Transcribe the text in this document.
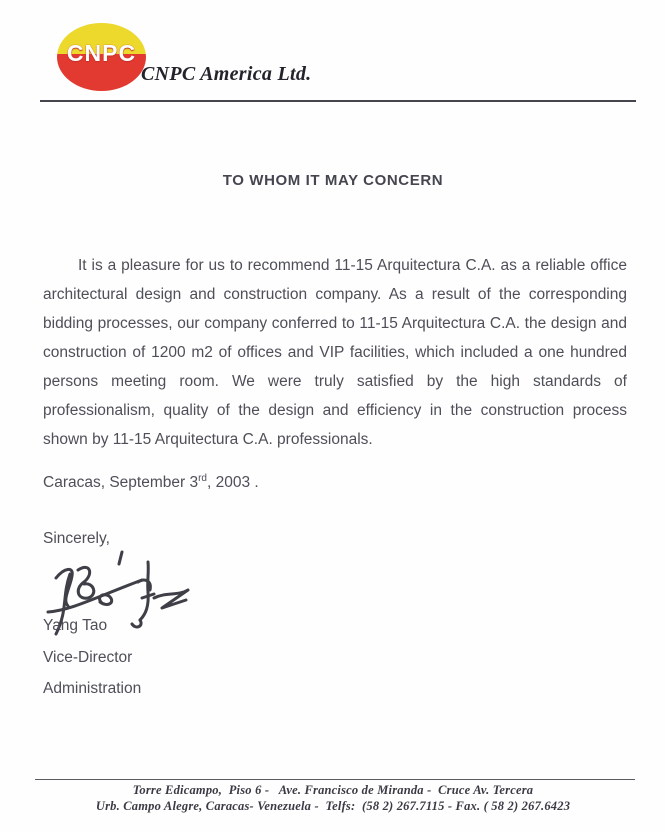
CNPC
CNPC America Ltd.
TO WHOM IT MAY CONCERN
It is a pleasure for us to recommend 11-15 Arquitectura C.A. as a reliable office architectural design and construction company. As a result of the corresponding bidding processes, our company conferred to 11-15 Arquitectura C.A. the design and construction of 1200 m2 of offices and VIP facilities, which included a one hundred persons meeting room. We were truly satisfied by the high standards of professionalism, quality of the design and efficiency in the construction process shown by 11-15 Arquitectura C.A. professionals.
Caracas, September 3rd, 2003 .
Sincerely,
Yang Tao
Vice-Director
Administration
Torre Edicampo,  Piso 6 -   Ave. Francisco de Miranda -  Cruce Av. Tercera
Urb. Campo Alegre, Caracas- Venezuela -  Telfs:  (58 2) 267.7115 - Fax. ( 58 2) 267.6423
